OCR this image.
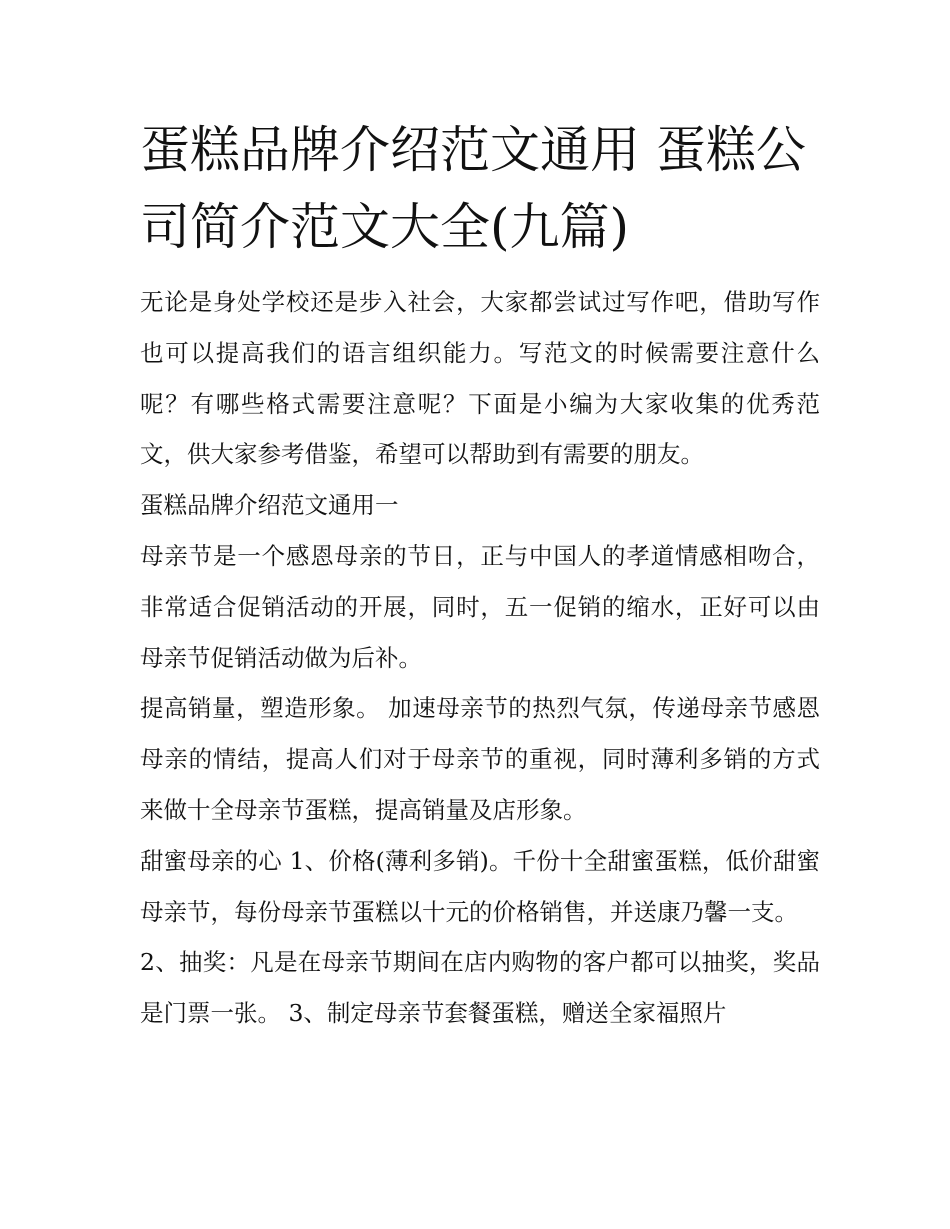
蛋糕品牌介绍范文通用 蛋糕公司简介范文大全(九篇)

无论是身处学校还是步入社会，大家都尝试过写作吧，借助写作也可以提高我们的语言组织能力。写范文的时候需要注意什么呢？有哪些格式需要注意呢？下面是小编为大家收集的优秀范文，供大家参考借鉴，希望可以帮助到有需要的朋友。

蛋糕品牌介绍范文通用一

母亲节是一个感恩母亲的节日，正与中国人的孝道情感相吻合，非常适合促销活动的开展，同时，五一促销的缩水，正好可以由母亲节促销活动做为后补。

提高销量，塑造形象。 加速母亲节的热烈气氛，传递母亲节感恩母亲的情结，提高人们对于母亲节的重视，同时薄利多销的方式来做十全母亲节蛋糕，提高销量及店形象。

甜蜜母亲的心 1、价格(薄利多销)。千份十全甜蜜蛋糕，低价甜蜜母亲节，每份母亲节蛋糕以十元的价格销售，并送康乃馨一支。

2、抽奖：凡是在母亲节期间在店内购物的客户都可以抽奖，奖品是门票一张。 3、制定母亲节套餐蛋糕，赠送全家福照片
